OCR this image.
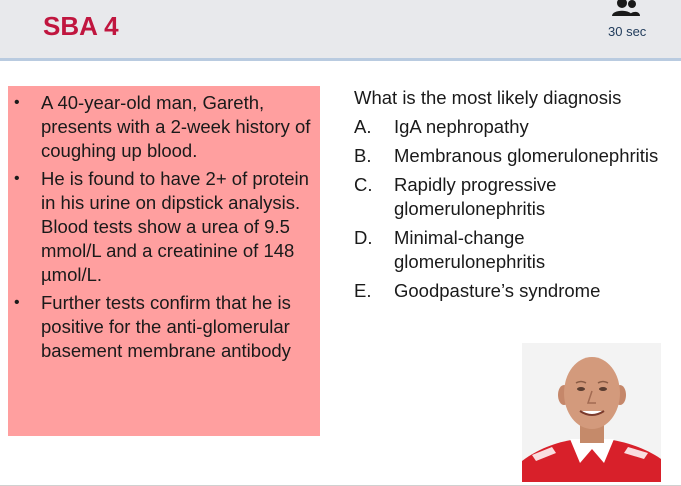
SBA 4	30 sec
• A 40-year-old man, Gareth, presents with a 2-week history of coughing up blood.
• He is found to have 2+ of protein in his urine on dipstick analysis. Blood tests show a urea of 9.5 mmol/L and a creatinine of 148 µmol/L.
• Further tests confirm that he is positive for the anti-glomerular basement membrane antibody
What is the most likely diagnosis
A. IgA nephropathy
B. Membranous glomerulonephritis
C. Rapidly progressive glomerulonephritis
D. Minimal-change glomerulonephritis
E. Goodpasture’s syndrome
